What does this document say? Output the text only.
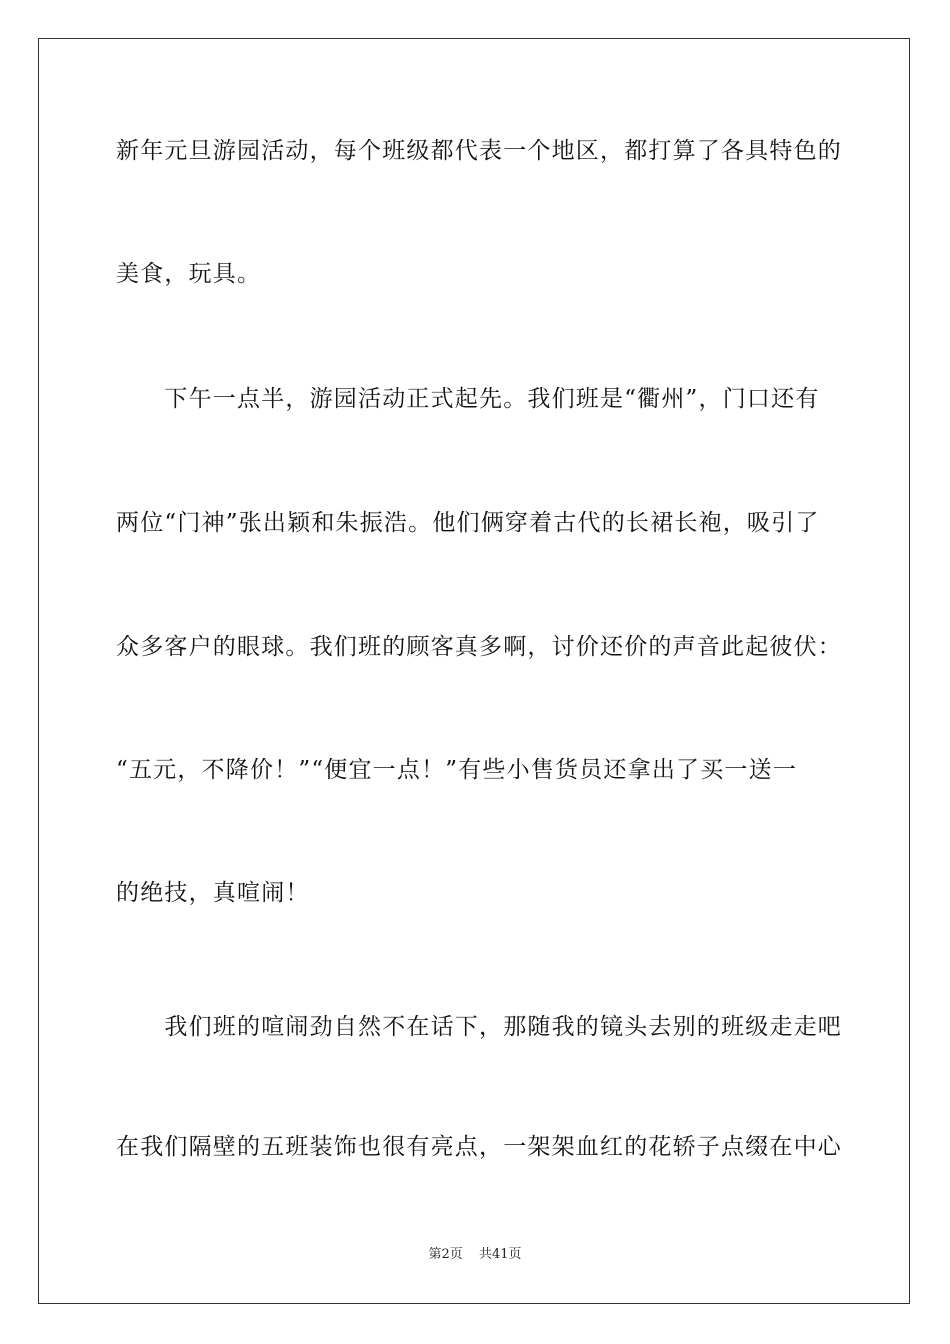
新年元旦游园活动，每个班级都代表一个地区，都打算了各具特色的
美食，玩具。
　　下午一点半，游园活动正式起先。我们班是“衢州”，门口还有
两位“门神”张出颖和朱振浩。他们俩穿着古代的长裙长袍，吸引了
众多客户的眼球。我们班的顾客真多啊，讨价还价的声音此起彼伏：
“五元，不降价！”“便宜一点！”有些小售货员还拿出了买一送一
的绝技，真喧闹！
　　我们班的喧闹劲自然不在话下，那随我的镜头去别的班级走走吧
在我们隔壁的五班装饰也很有亮点，一架架血红的花轿子点缀在中心
第2页 共41页
